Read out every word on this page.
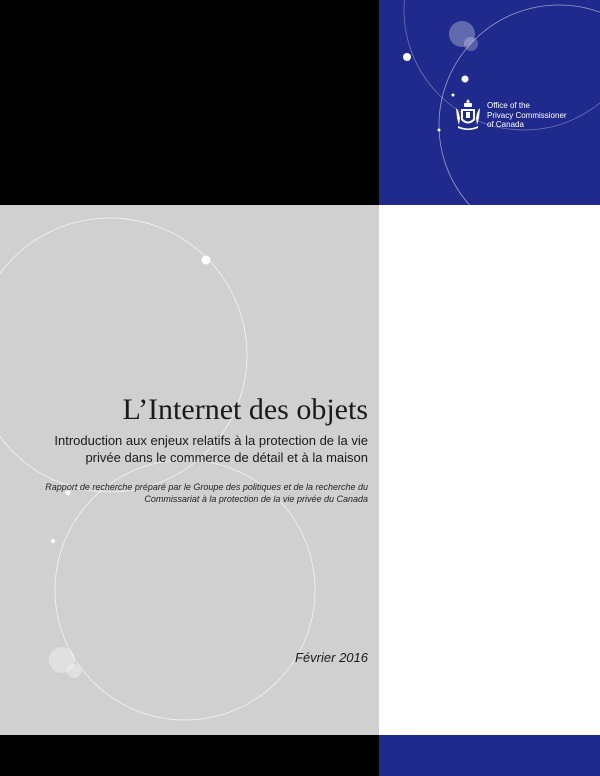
Office of the
Privacy Commissioner
of Canada
L’Internet des objets

Introduction aux enjeux relatifs à la protection de la vie privée dans le commerce de détail et à la maison

Rapport de recherche préparé par le Groupe des politiques et de la recherche du Commissariat à la protection de la vie privée du Canada

Février 2016
